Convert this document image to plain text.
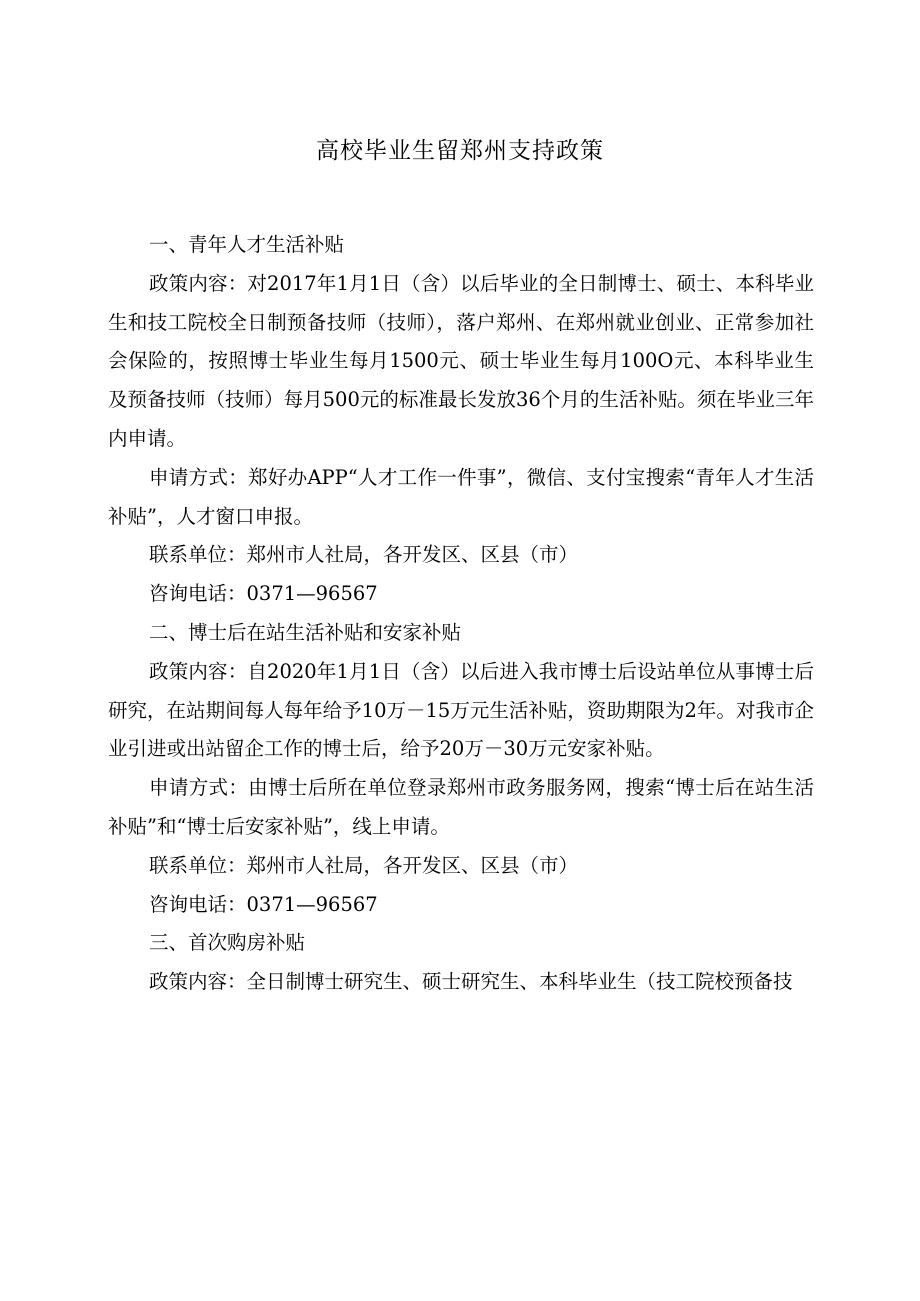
高校毕业生留郑州支持政策

一、青年人才生活补贴

政策内容：对2017年1月1日（含）以后毕业的全日制博士、硕士、本科毕业生和技工院校全日制预备技师（技师），落户郑州、在郑州就业创业、正常参加社会保险的，按照博士毕业生每月1500元、硕士毕业生每月100O元、本科毕业生及预备技师（技师）每月500元的标准最长发放36个月的生活补贴。须在毕业三年内申请。

申请方式：郑好办APP“人才工作一件事”，微信、支付宝搜索“青年人才生活补贴”，人才窗口申报。

联系单位：郑州市人社局，各开发区、区县（市）

咨询电话：0371—96567

二、博士后在站生活补贴和安家补贴

政策内容：自2020年1月1日（含）以后进入我市博士后设站单位从事博士后研究，在站期间每人每年给予10万－15万元生活补贴，资助期限为2年。对我市企业引进或出站留企工作的博士后，给予20万－30万元安家补贴。

申请方式：由博士后所在单位登录郑州市政务服务网，搜索“博士后在站生活补贴”和“博士后安家补贴”，线上申请。

联系单位：郑州市人社局，各开发区、区县（市）

咨询电话：0371—96567

三、首次购房补贴

政策内容：全日制博士研究生、硕士研究生、本科毕业生（技工院校预备技
